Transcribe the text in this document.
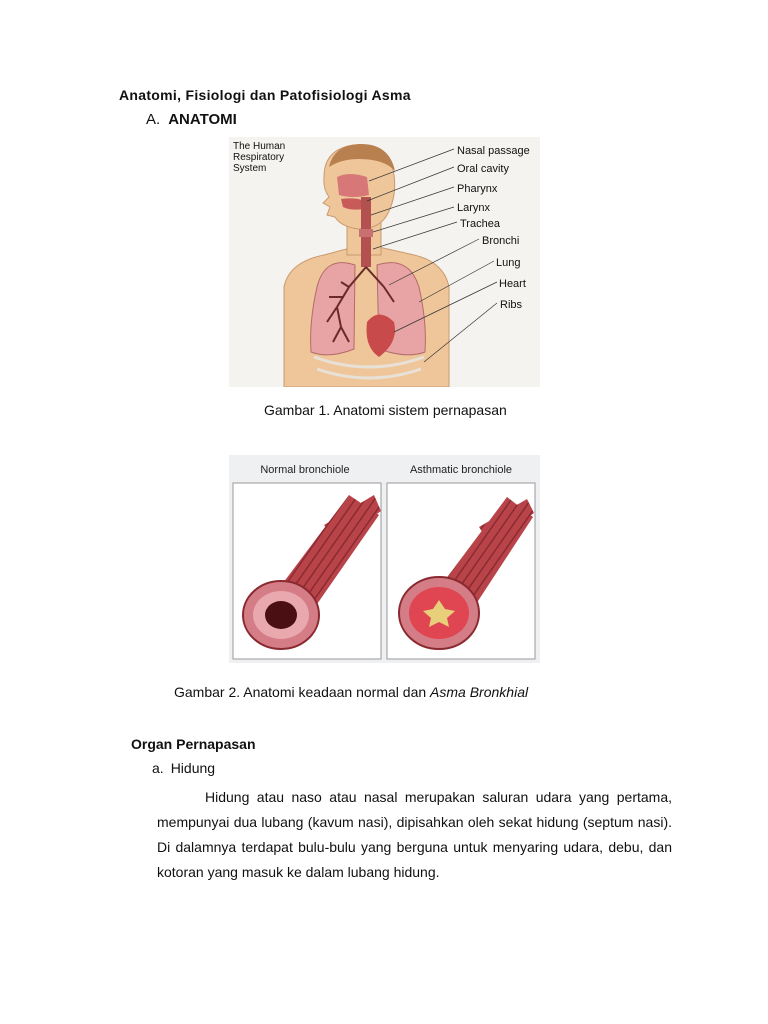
Anatomi, Fisiologi dan Patofisiologi Asma
A. ANATOMI
The Human
Respiratory
System
Nasal passage
Oral cavity
Pharynx
Larynx
Trachea
Bronchi
Lung
Heart
Ribs
Gambar 1. Anatomi sistem pernapasan
Normal bronchiole	Asthmatic bronchiole
Gambar 2. Anatomi keadaan normal dan Asma Bronkhial
Organ Pernapasan
a. Hidung
Hidung atau naso atau nasal merupakan saluran udara yang pertama, mempunyai dua lubang (kavum nasi), dipisahkan oleh sekat hidung (septum nasi). Di dalamnya terdapat bulu-bulu yang berguna untuk menyaring udara, debu, dan kotoran yang masuk ke dalam lubang hidung.
